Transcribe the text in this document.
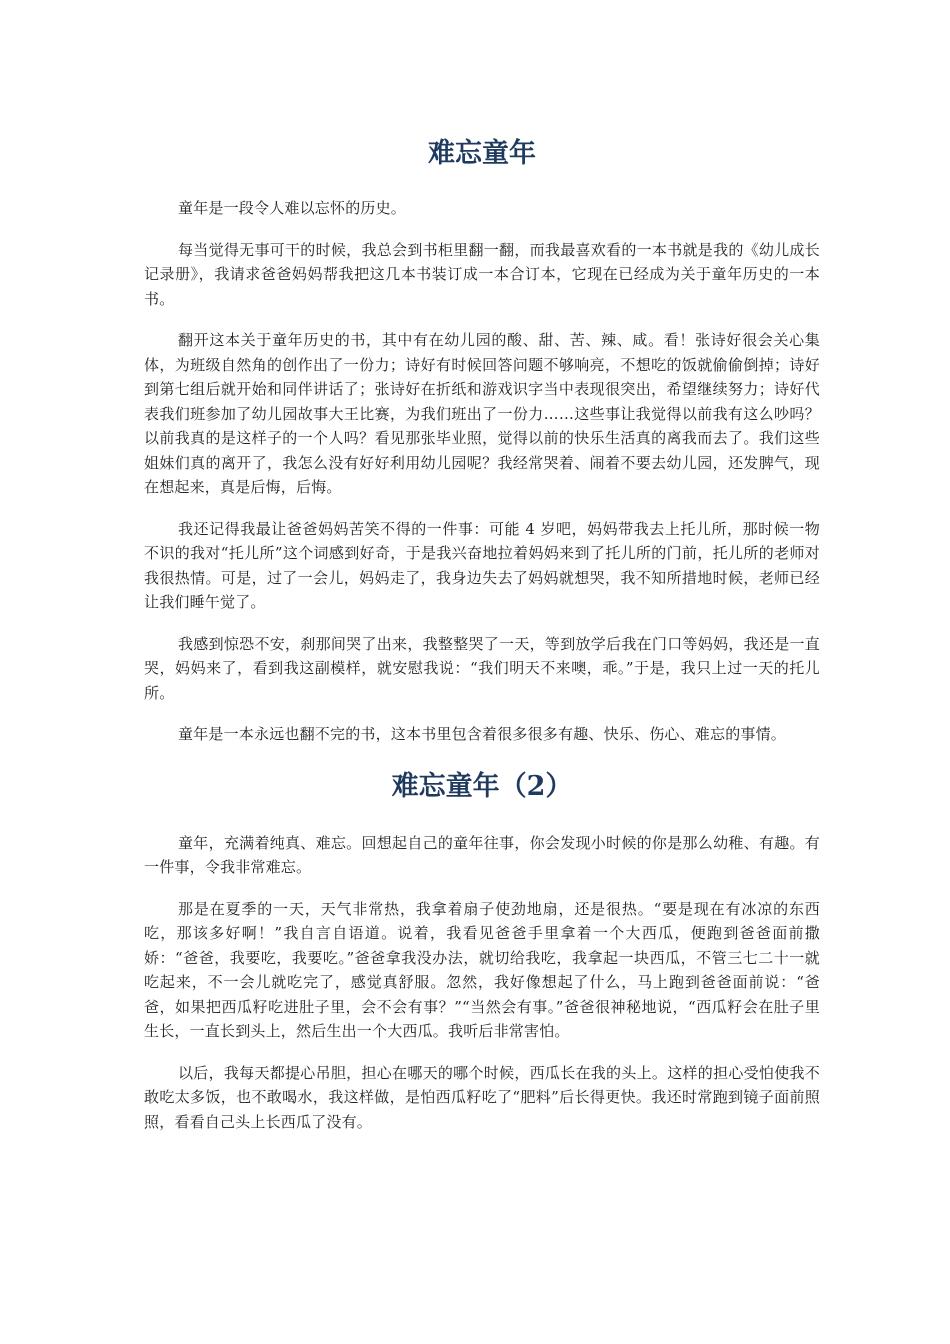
难忘童年

童年是一段令人难以忘怀的历史。

每当觉得无事可干的时候，我总会到书柜里翻一翻，而我最喜欢看的一本书就是我的《幼儿成长记录册》，我请求爸爸妈妈帮我把这几本书装订成一本合订本，它现在已经成为关于童年历史的一本书。

翻开这本关于童年历史的书，其中有在幼儿园的酸、甜、苦、辣、咸。看！张诗好很会关心集体，为班级自然角的创作出了一份力；诗好有时候回答问题不够响亮，不想吃的饭就偷偷倒掉；诗好到第七组后就开始和同伴讲话了；张诗好在折纸和游戏识字当中表现很突出，希望继续努力；诗好代表我们班参加了幼儿园故事大王比赛，为我们班出了一份力……这些事让我觉得以前我有这么吵吗？以前我真的是这样子的一个人吗？看见那张毕业照，觉得以前的快乐生活真的离我而去了。我们这些姐妹们真的离开了，我怎么没有好好利用幼儿园呢？我经常哭着、闹着不要去幼儿园，还发脾气，现在想起来，真是后悔，后悔。

我还记得我最让爸爸妈妈苦笑不得的一件事：可能 4 岁吧，妈妈带我去上托儿所，那时候一物不识的我对“托儿所”这个词感到好奇，于是我兴奋地拉着妈妈来到了托儿所的门前，托儿所的老师对我很热情。可是，过了一会儿，妈妈走了，我身边失去了妈妈就想哭，我不知所措地时候，老师已经让我们睡午觉了。

我感到惊恐不安，刹那间哭了出来，我整整哭了一天，等到放学后我在门口等妈妈，我还是一直哭，妈妈来了，看到我这副模样，就安慰我说：“我们明天不来噢，乖。”于是，我只上过一天的托儿所。

童年是一本永远也翻不完的书，这本书里包含着很多很多有趣、快乐、伤心、难忘的事情。

难忘童年（2）

童年，充满着纯真、难忘。回想起自己的童年往事，你会发现小时候的你是那么幼稚、有趣。有一件事，令我非常难忘。

那是在夏季的一天，天气非常热，我拿着扇子使劲地扇，还是很热。“要是现在有冰凉的东西吃，那该多好啊！”我自言自语道。说着，我看见爸爸手里拿着一个大西瓜，便跑到爸爸面前撒娇：“爸爸，我要吃，我要吃。”爸爸拿我没办法，就切给我吃，我拿起一块西瓜，不管三七二十一就吃起来，不一会儿就吃完了，感觉真舒服。忽然，我好像想起了什么，马上跑到爸爸面前说：“爸爸，如果把西瓜籽吃进肚子里，会不会有事？”“当然会有事。”爸爸很神秘地说，“西瓜籽会在肚子里生长，一直长到头上，然后生出一个大西瓜。我听后非常害怕。

以后，我每天都提心吊胆，担心在哪天的哪个时候，西瓜长在我的头上。这样的担心受怕使我不敢吃太多饭，也不敢喝水，我这样做，是怕西瓜籽吃了“肥料”后长得更快。我还时常跑到镜子面前照照，看看自己头上长西瓜了没有。
